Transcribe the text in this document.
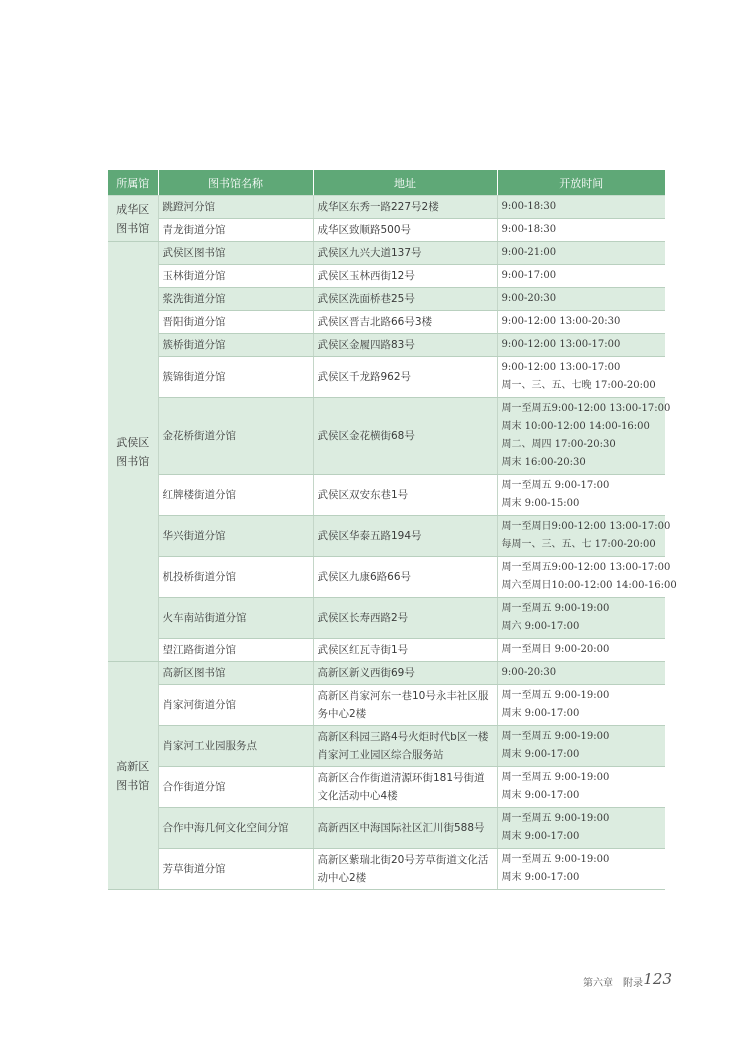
所属馆	图书馆名称	地址	开放时间

成华区
图书馆	跳蹬河分馆	成华区东秀一路227号2楼	9:00-18:30

	青龙街道分馆	成华区致顺路500号	9:00-18:30

武侯区
图书馆	武侯区图书馆	武侯区九兴大道137号	9:00-21:00

	玉林街道分馆	武侯区玉林西街12号	9:00-17:00

	浆洗街道分馆	武侯区洗面桥巷25号	9:00-20:30

	晋阳街道分馆	武侯区晋吉北路66号3楼	9:00-12:00 13:00-20:30

	簇桥街道分馆	武侯区金履四路83号	9:00-12:00 13:00-17:00

	簇锦街道分馆	武侯区千龙路962号	9:00-12:00 13:00-17:00
周一、三、五、七晚 17:00-20:00

	金花桥街道分馆	武侯区金花横街68号	周一至周五9:00-12:00 13:00-17:00
周末 10:00-12:00 14:00-16:00
周二、周四 17:00-20:30
周末 16:00-20:30

	红牌楼街道分馆	武侯区双安东巷1号	周一至周五 9:00-17:00
周末 9:00-15:00

	华兴街道分馆	武侯区华泰五路194号	周一至周日9:00-12:00 13:00-17:00
每周一、三、五、七 17:00-20:00

	机投桥街道分馆	武侯区九康6路66号	周一至周五9:00-12:00 13:00-17:00
周六至周日10:00-12:00 14:00-16:00

	火车南站街道分馆	武侯区长寿西路2号	周一至周五 9:00-19:00
周六 9:00-17:00

	望江路街道分馆	武侯区红瓦寺街1号	周一至周日 9:00-20:00

高新区
图书馆	高新区图书馆	高新区新义西街69号	9:00-20:30

	肖家河街道分馆	高新区肖家河东一巷10号永丰社区服务中心2楼	周一至周五 9:00-19:00
周末 9:00-17:00

	肖家河工业园服务点	高新区科园三路4号火炬时代b区一楼肖家河工业园区综合服务站	周一至周五 9:00-19:00
周末 9:00-17:00

	合作街道分馆	高新区合作街道清源环街181号街道文化活动中心4楼	周一至周五 9:00-19:00
周末 9:00-17:00

	合作中海几何文化空间分馆	高新西区中海国际社区汇川街588号	周一至周五 9:00-19:00
周末 9:00-17:00

	芳草街道分馆	高新区紫瑞北街20号芳草街道文化活动中心2楼	周一至周五 9:00-19:00
周末 9:00-17:00
第六章　附录 123
